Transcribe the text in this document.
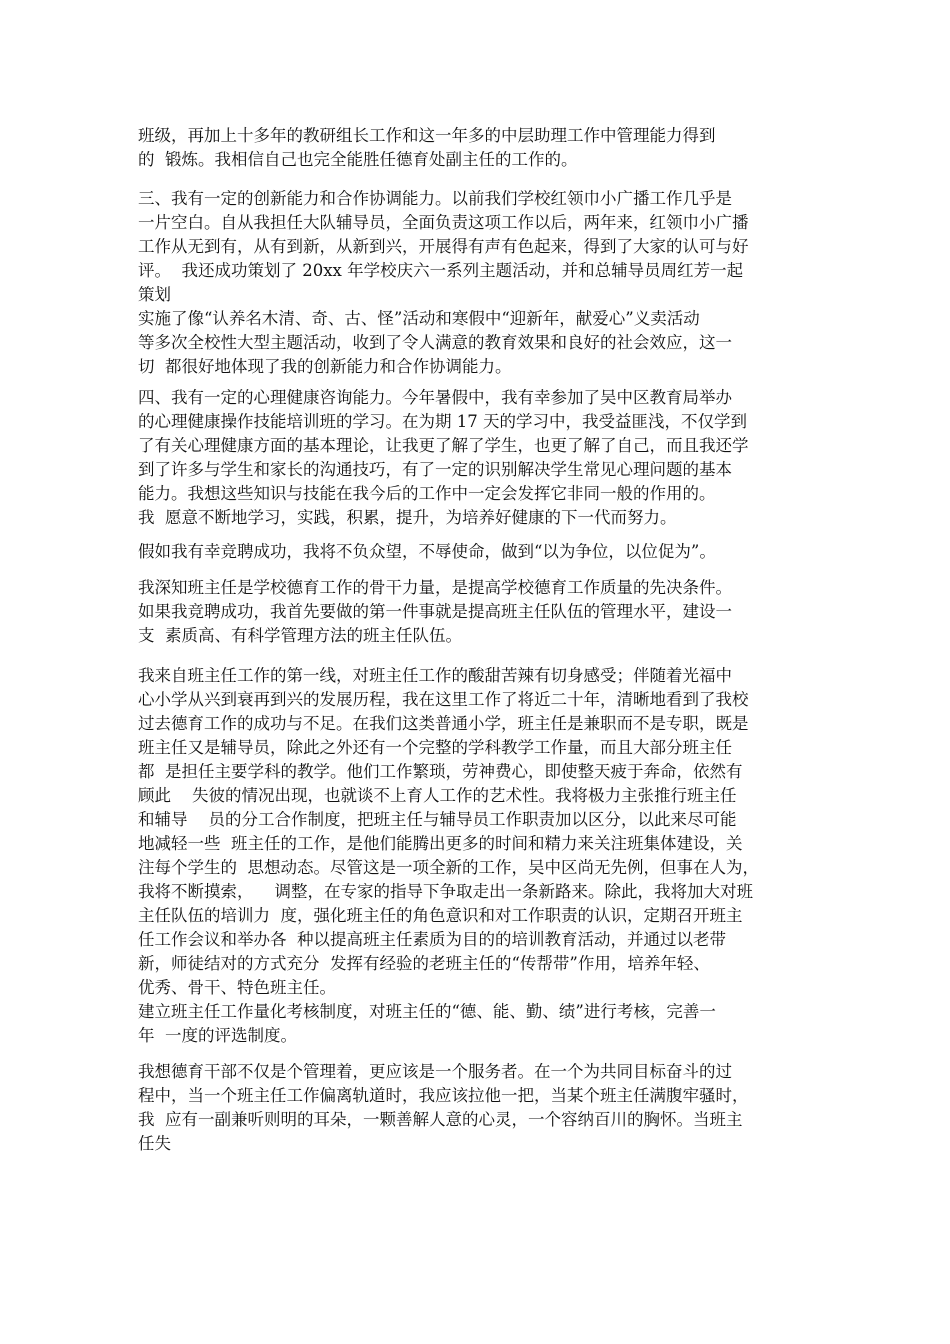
班级，再加上十多年的教研组长工作和这一年多的中层助理工作中管理能力得到
的  锻炼。我相信自己也完全能胜任德育处副主任的工作的。
三、我有一定的创新能力和合作协调能力。以前我们学校红领巾小广播工作几乎是
一片空白。自从我担任大队辅导员，全面负责这项工作以后，两年来，红领巾小广播
工作从无到有，从有到新，从新到兴，开展得有声有色起来，得到了大家的认可与好
评。  我还成功策划了 20xx 年学校庆六一系列主题活动，并和总辅导员周红芳一起
策划
实施了像“认养名木清、奇、古、怪”活动和寒假中“迎新年，献爱心”义卖活动
等多次全校性大型主题活动，收到了令人满意的教育效果和良好的社会效应，这一
切  都很好地体现了我的创新能力和合作协调能力。
四、我有一定的心理健康咨询能力。今年暑假中，我有幸参加了吴中区教育局举办
的心理健康操作技能培训班的学习。在为期 17 天的学习中，我受益匪浅，不仅学到
了有关心理健康方面的基本理论，让我更了解了学生，也更了解了自己，而且我还学
到了许多与学生和家长的沟通技巧，有了一定的识别解决学生常见心理问题的基本
能力。我想这些知识与技能在我今后的工作中一定会发挥它非同一般的作用的。
我  愿意不断地学习，实践，积累，提升，为培养好健康的下一代而努力。
假如我有幸竞聘成功，我将不负众望，不辱使命，做到“以为争位，以位促为”。
我深知班主任是学校德育工作的骨干力量，是提高学校德育工作质量的先决条件。
如果我竞聘成功，我首先要做的第一件事就是提高班主任队伍的管理水平，建设一
支  素质高、有科学管理方法的班主任队伍。
我来自班主任工作的第一线，对班主任工作的酸甜苦辣有切身感受；伴随着光福中
心小学从兴到衰再到兴的发展历程，我在这里工作了将近二十年，清晰地看到了我校
过去德育工作的成功与不足。在我们这类普通小学，班主任是兼职而不是专职，既是
班主任又是辅导员，除此之外还有一个完整的学科教学工作量，而且大部分班主任
都  是担任主要学科的教学。他们工作繁琐，劳神费心，即使整天疲于奔命，依然有
顾此    失彼的情况出现，也就谈不上育人工作的艺术性。我将极力主张推行班主任
和辅导    员的分工合作制度，把班主任与辅导员工作职责加以区分，以此来尽可能
地减轻一些  班主任的工作，是他们能腾出更多的时间和精力来关注班集体建设，关
注每个学生的  思想动态。尽管这是一项全新的工作，吴中区尚无先例，但事在人为，
我将不断摸索，    调整，在专家的指导下争取走出一条新路来。除此，我将加大对班
主任队伍的培训力  度，强化班主任的角色意识和对工作职责的认识，定期召开班主
任工作会议和举办各  种以提高班主任素质为目的的培训教育活动，并通过以老带
新，师徒结对的方式充分  发挥有经验的老班主任的“传帮带”作用，培养年轻、
优秀、骨干、特色班主任。
建立班主任工作量化考核制度，对班主任的“德、能、勤、绩”进行考核，完善一
年  一度的评选制度。
我想德育干部不仅是个管理着，更应该是一个服务者。在一个为共同目标奋斗的过
程中，当一个班主任工作偏离轨道时，我应该拉他一把，当某个班主任满腹牢骚时，
我  应有一副兼听则明的耳朵，一颗善解人意的心灵，一个容纳百川的胸怀。当班主
任失
